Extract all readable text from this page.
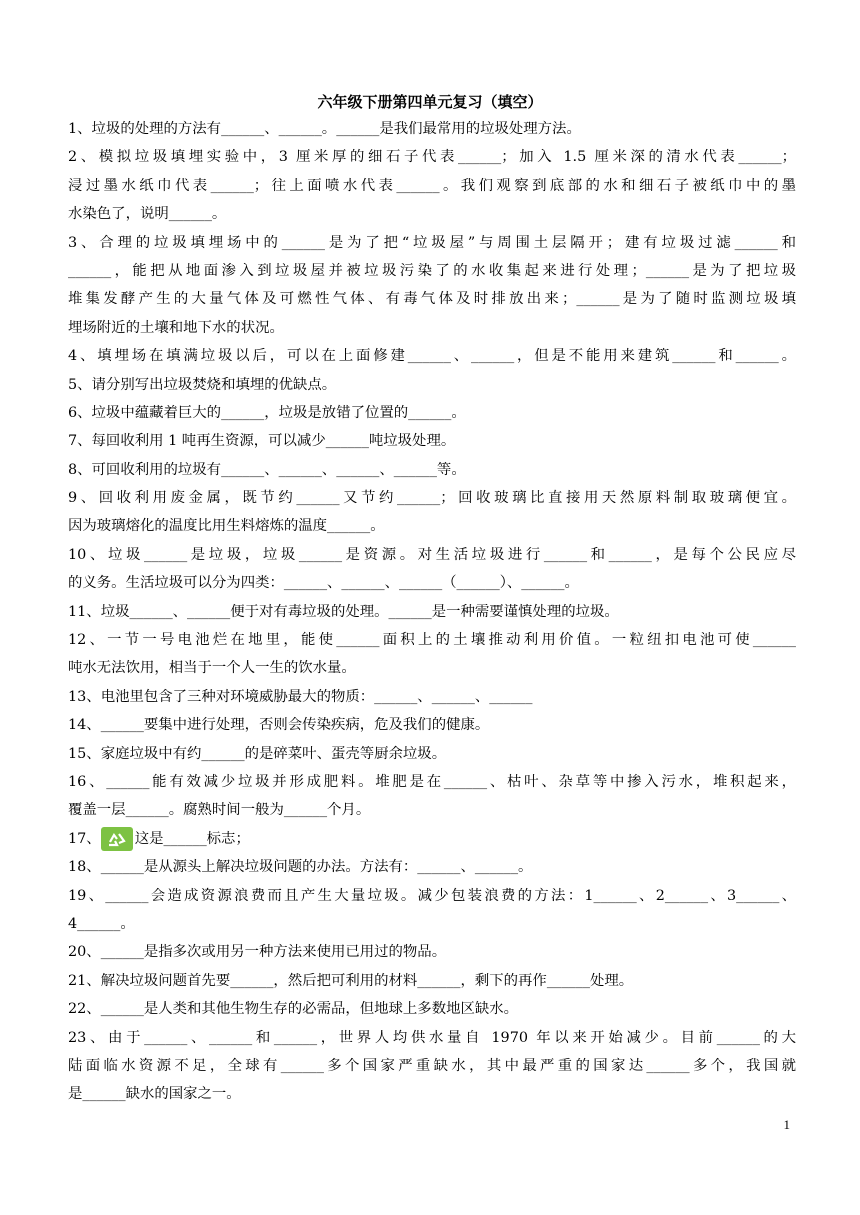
六年级下册第四单元复习（填空）
1、垃圾的处理的方法有______、______。______是我们最常用的垃圾处理方法。
2、模拟垃圾填埋实验中，3 厘米厚的细石子代表______；加入 1.5 厘米深的清水代表______；
浸过墨水纸巾代表______；往上面喷水代表______。我们观察到底部的水和细石子被纸巾中的墨
水染色了，说明______。
3、合理的垃圾填埋场中的______是为了把“垃圾屋”与周围土层隔开；建有垃圾过滤______和
______，能把从地面渗入到垃圾屋并被垃圾污染了的水收集起来进行处理；______是为了把垃圾
堆集发酵产生的大量气体及可燃性气体、有毒气体及时排放出来；______是为了随时监测垃圾填
埋场附近的土壤和地下水的状况。
4、填埋场在填满垃圾以后，可以在上面修建______、______，但是不能用来建筑______和______。
5、请分别写出垃圾焚烧和填埋的优缺点。
6、垃圾中蕴藏着巨大的______，垃圾是放错了位置的______。
7、每回收利用 1 吨再生资源，可以减少______吨垃圾处理。
8、可回收利用的垃圾有______、______、______、______等。
9、回收利用废金属，既节约______又节约______；回收玻璃比直接用天然原料制取玻璃便宜。
因为玻璃熔化的温度比用生料熔炼的温度______。
10、垃圾______是垃圾，垃圾______是资源。对生活垃圾进行______和______，是每个公民应尽
的义务。生活垃圾可以分为四类：______、______、______（______）、______。
11、垃圾______、______便于对有毒垃圾的处理。______是一种需要谨慎处理的垃圾。
12、一节一号电池烂在地里，能使______面积上的土壤推动利用价值。一粒纽扣电池可使______
吨水无法饮用，相当于一个人一生的饮水量。
13、电池里包含了三种对环境威胁最大的物质：______、______、______
14、______要集中进行处理，否则会传染疾病，危及我们的健康。
15、家庭垃圾中有约______的是碎菜叶、蛋壳等厨余垃圾。
16、______能有效减少垃圾并形成肥料。堆肥是在______、枯叶、杂草等中掺入污水，堆积起来，
覆盖一层______。腐熟时间一般为______个月。
17、 这是______标志；
18、______是从源头上解决垃圾问题的办法。方法有：______、______。
19、______会造成资源浪费而且产生大量垃圾。减少包装浪费的方法：1______、2______、3______、
4______。
20、______是指多次或用另一种方法来使用已用过的物品。
21、解决垃圾问题首先要______，然后把可利用的材料______，剩下的再作______处理。
22、______是人类和其他生物生存的必需品，但地球上多数地区缺水。
23、由于______、______和______，世界人均供水量自 1970 年以来开始减少。目前______的大
陆面临水资源不足，全球有______多个国家严重缺水，其中最严重的国家达______多个，我国就
是______缺水的国家之一。
1
